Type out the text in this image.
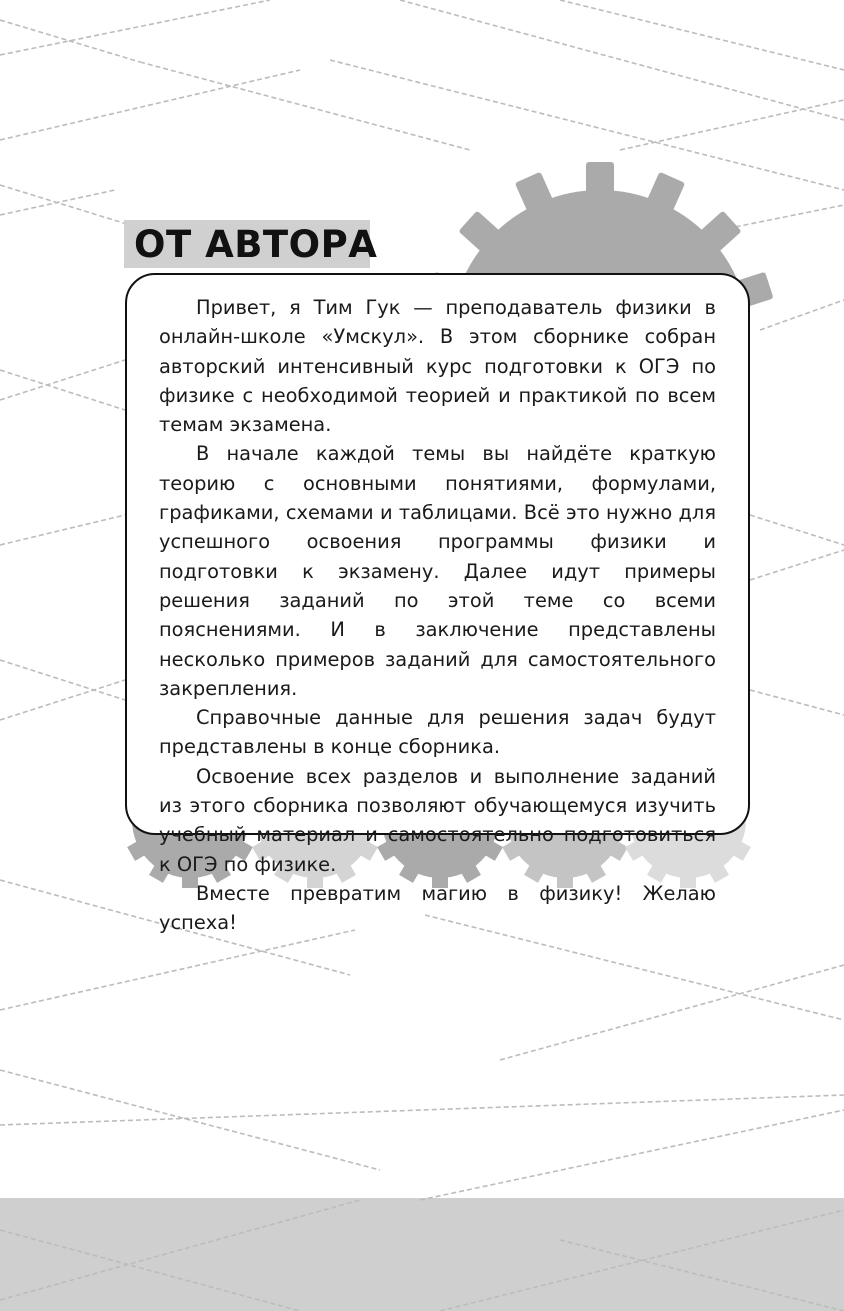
ОТ АВТОРА

Привет, я Тим Гук — преподаватель физики в онлайн-школе «Умскул». В этом сборнике собран авторский интенсивный курс подготовки к ОГЭ по физике с необходимой теорией и практикой по всем темам экзамена.

В начале каждой темы вы найдёте краткую теорию с основными понятиями, формулами, графиками, схемами и таблицами. Всё это нужно для успешного освоения программы физики и подготовки к экзамену. Далее идут примеры решения заданий по этой теме со всеми пояснениями. И в заключение представлены несколько примеров заданий для самостоятельного закрепления.

Справочные данные для решения задач будут представлены в конце сборника.

Освоение всех разделов и выполнение заданий из этого сборника позволяют обучающемуся изучить учебный материал и самостоятельно подготовиться к ОГЭ по физике.

Вместе превратим магию в физику! Желаю успеха!
